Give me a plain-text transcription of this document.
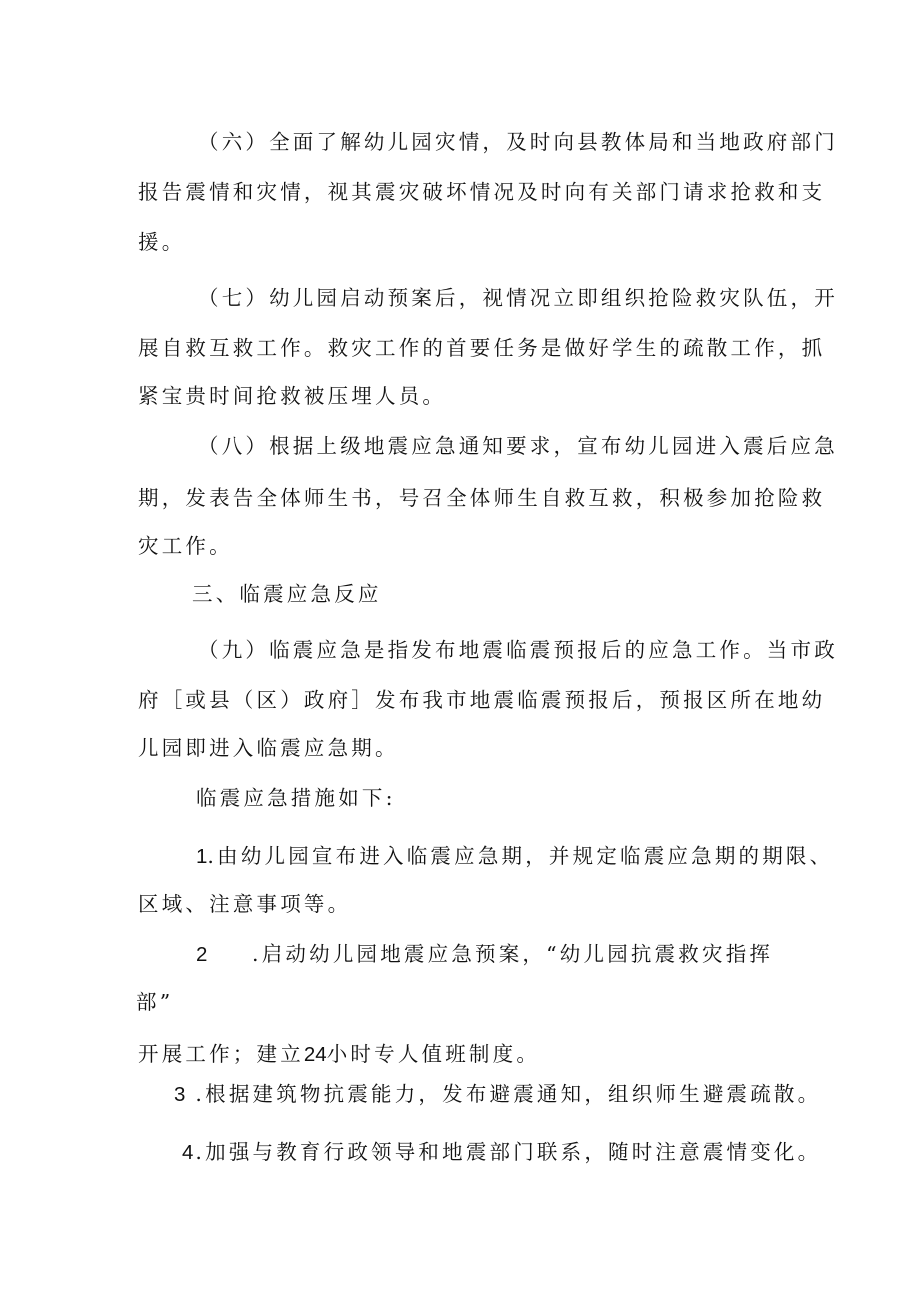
（六）全面了解幼儿园灾情，及时向县教体局和当地政府部门
报告震情和灾情，视其震灾破坏情况及时向有关部门请求抢救和支
援。
（七）幼儿园启动预案后，视情况立即组织抢险救灾队伍，开
展自救互救工作。救灾工作的首要任务是做好学生的疏散工作，抓
紧宝贵时间抢救被压埋人员。
（八）根据上级地震应急通知要求，宣布幼儿园进入震后应急
期，发表告全体师生书，号召全体师生自救互救，积极参加抢险救
灾工作。
三、临震应急反应
（九）临震应急是指发布地震临震预报后的应急工作。当市政
府［或县（区）政府］发布我市地震临震预报后，预报区所在地幼
儿园即进入临震应急期。
临震应急措施如下:
1.由幼儿园宣布进入临震应急期，并规定临震应急期的期限、
区域、注意事项等。
2 .启动幼儿园地震应急预案，“幼儿园抗震救灾指挥
部”
开展工作；建立24小时专人值班制度。
3 .根据建筑物抗震能力，发布避震通知，组织师生避震疏散。
4.加强与教育行政领导和地震部门联系，随时注意震情变化。
